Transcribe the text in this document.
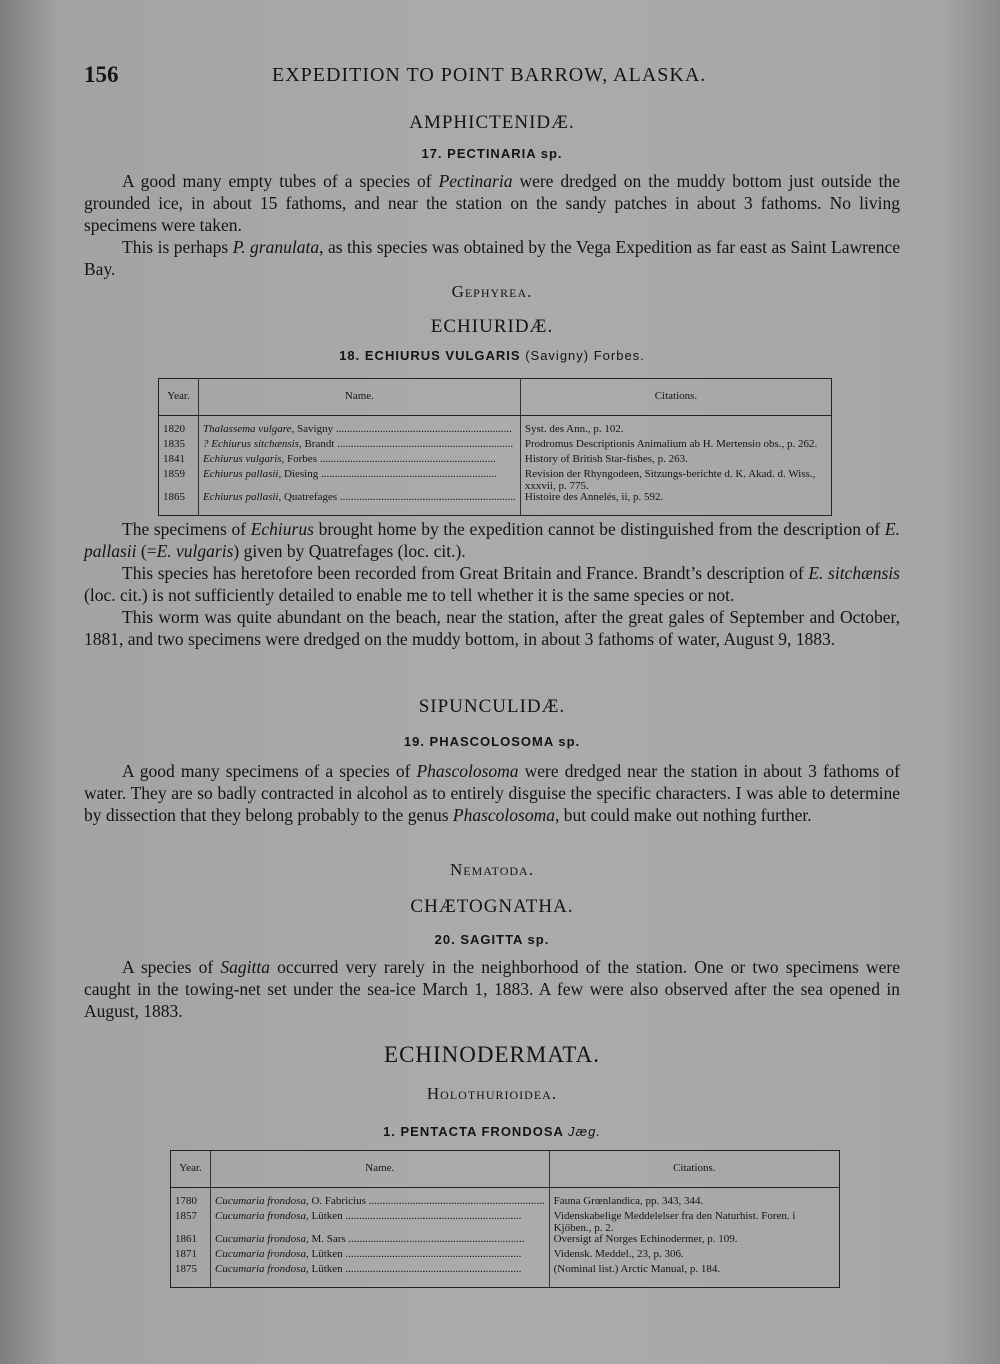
156	EXPEDITION TO POINT BARROW, ALASKA.
AMPHICTENIDÆ.
17. PECTINARIA sp.

A good many empty tubes of a species of Pectinaria were dredged on the muddy bottom just outside the grounded ice, in about 15 fathoms, and near the station on the sandy patches in about 3 fathoms. No living specimens were taken.

This is perhaps P. granulata, as this species was obtained by the Vega Expedition as far east as Saint Lawrence Bay.

Gephyrea.
ECHIURIDÆ.
18. ECHIURUS VULGARIS (Savigny) Forbes.
Year.	Name.	Citations.

1820	Thalassema vulgare, Savigny .....	Syst. des Ann., p. 102.
1835	? Echiurus sitchænsis, Brandt .....	Prodromus Descriptionis Animalium ab H. Mertensio obs., p. 262.
1841	Echiurus vulgaris, Forbes .....	History of British Star-fishes, p. 263.
1859	Echiurus pallasii, Diesing .....	Revision der Rhyngodeen, Sitzungs-berichte d. K. Akad. d. Wiss., xxxvii, p. 775.
1865	Echiurus pallasii, Quatrefages .....	Histoire des Annelés, ii, p. 592.

The specimens of Echiurus brought home by the expedition cannot be distinguished from the description of E. pallasii (=E. vulgaris) given by Quatrefages (loc. cit.).

This species has heretofore been recorded from Great Britain and France. Brandt’s description of E. sitchænsis (loc. cit.) is not sufficiently detailed to enable me to tell whether it is the same species or not.

This worm was quite abundant on the beach, near the station, after the great gales of September and October, 1881, and two specimens were dredged on the muddy bottom, in about 3 fathoms of water, August 9, 1883.

SIPUNCULIDÆ.
19. PHASCOLOSOMA sp.

A good many specimens of a species of Phascolosoma were dredged near the station in about 3 fathoms of water. They are so badly contracted in alcohol as to entirely disguise the specific characters. I was able to determine by dissection that they belong probably to the genus Phascolosoma, but could make out nothing further.

Nematoda.
CHÆTOGNATHA.
20. SAGITTA sp.

A species of Sagitta occurred very rarely in the neighborhood of the station. One or two specimens were caught in the towing-net set under the sea-ice March 1, 1883. A few were also observed after the sea opened in August, 1883.

ECHINODERMATA.
Holothurioidea.
1. PENTACTA FRONDOSA Jæg.
Year.	Name.	Citations.

1780	Cucumaria frondosa, O. Fabricius .....	Fauna Grœnlandica, pp. 343, 344.
1857	Cucumaria frondosa, Lütken .....	Videnskabelige Meddelelser fra den Naturhist. Foren. i Kjöben., p. 2.
1861	Cucumaria frondosa, M. Sars .....	Oversigt af Norges Echinodermer, p. 109.
1871	Cucumaria frondosa, Lütken .....	Vidensk. Meddel., 23, p. 306.
1875	Cucumaria frondosa, Lütken .....	(Nominal list.) Arctic Manual, p. 184.
